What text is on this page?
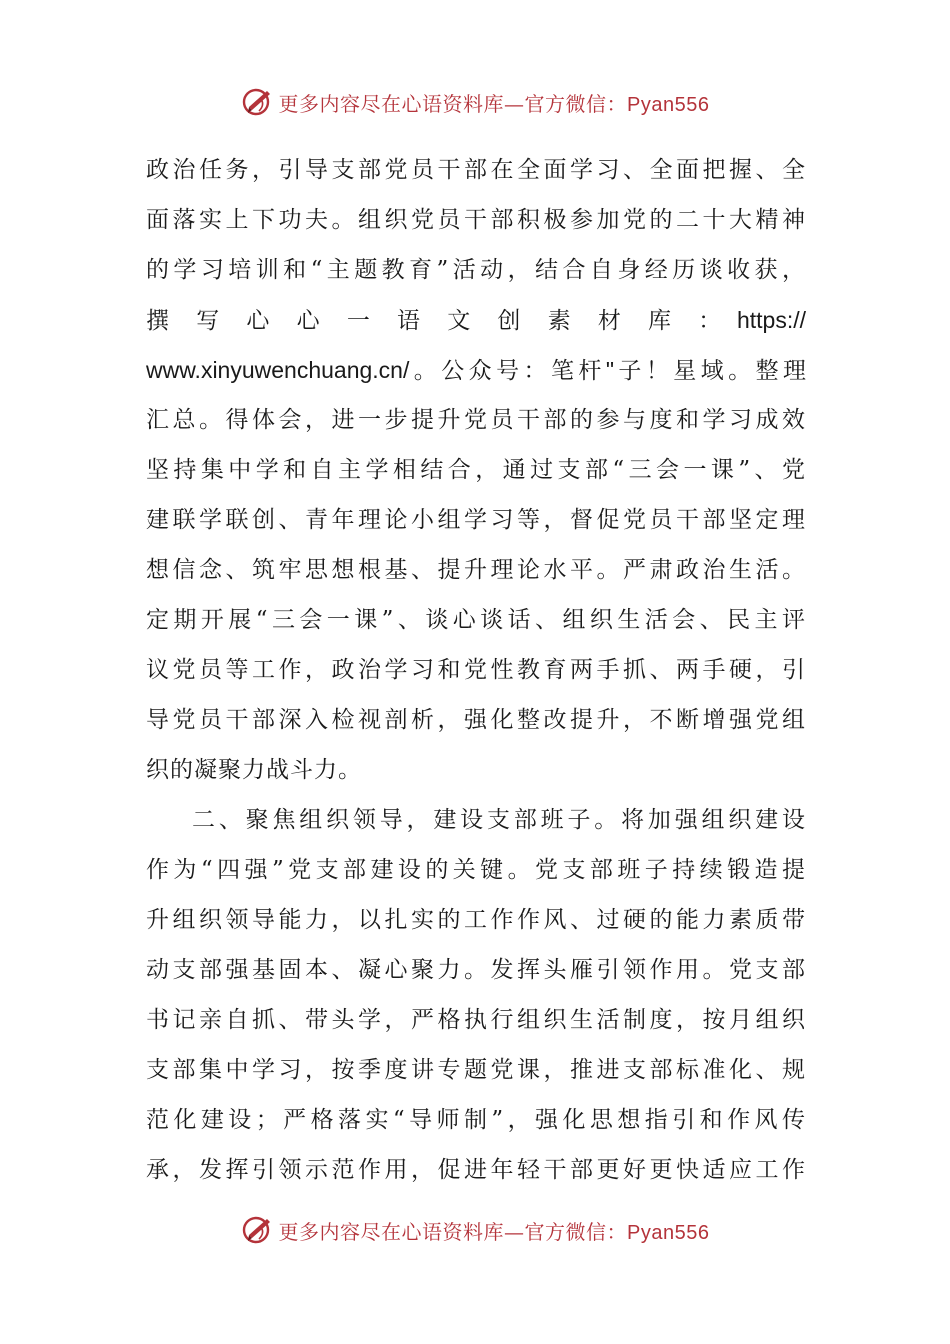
更多内容尽在心语资料库—官方微信：Pyan556
政治任务，引导支部党员干部在全面学习、全面把握、全
面落实上下功夫。组织党员干部积极参加党的二十大精神
的学习培训和“主题教育”活动，结合自身经历谈收获，
撰　写　心　心　一　语　文　创　素　材　库　：　https://
www.xinyuwenchuang.cn/。公众号：笔杆"子！星域。整理
汇总。得体会，进一步提升党员干部的参与度和学习成效
坚持集中学和自主学相结合，通过支部“三会一课”、党
建联学联创、青年理论小组学习等，督促党员干部坚定理
想信念、筑牢思想根基、提升理论水平。严肃政治生活。
定期开展“三会一课”、谈心谈话、组织生活会、民主评
议党员等工作，政治学习和党性教育两手抓、两手硬，引
导党员干部深入检视剖析，强化整改提升，不断增强党组
织的凝聚力战斗力。
二、聚焦组织领导，建设支部班子。将加强组织建设
作为“四强”党支部建设的关键。党支部班子持续锻造提
升组织领导能力，以扎实的工作作风、过硬的能力素质带
动支部强基固本、凝心聚力。发挥头雁引领作用。党支部
书记亲自抓、带头学，严格执行组织生活制度，按月组织
支部集中学习，按季度讲专题党课，推进支部标准化、规
范化建设；严格落实“导师制”，强化思想指引和作风传
承，发挥引领示范作用，促进年轻干部更好更快适应工作
更多内容尽在心语资料库—官方微信：Pyan556
